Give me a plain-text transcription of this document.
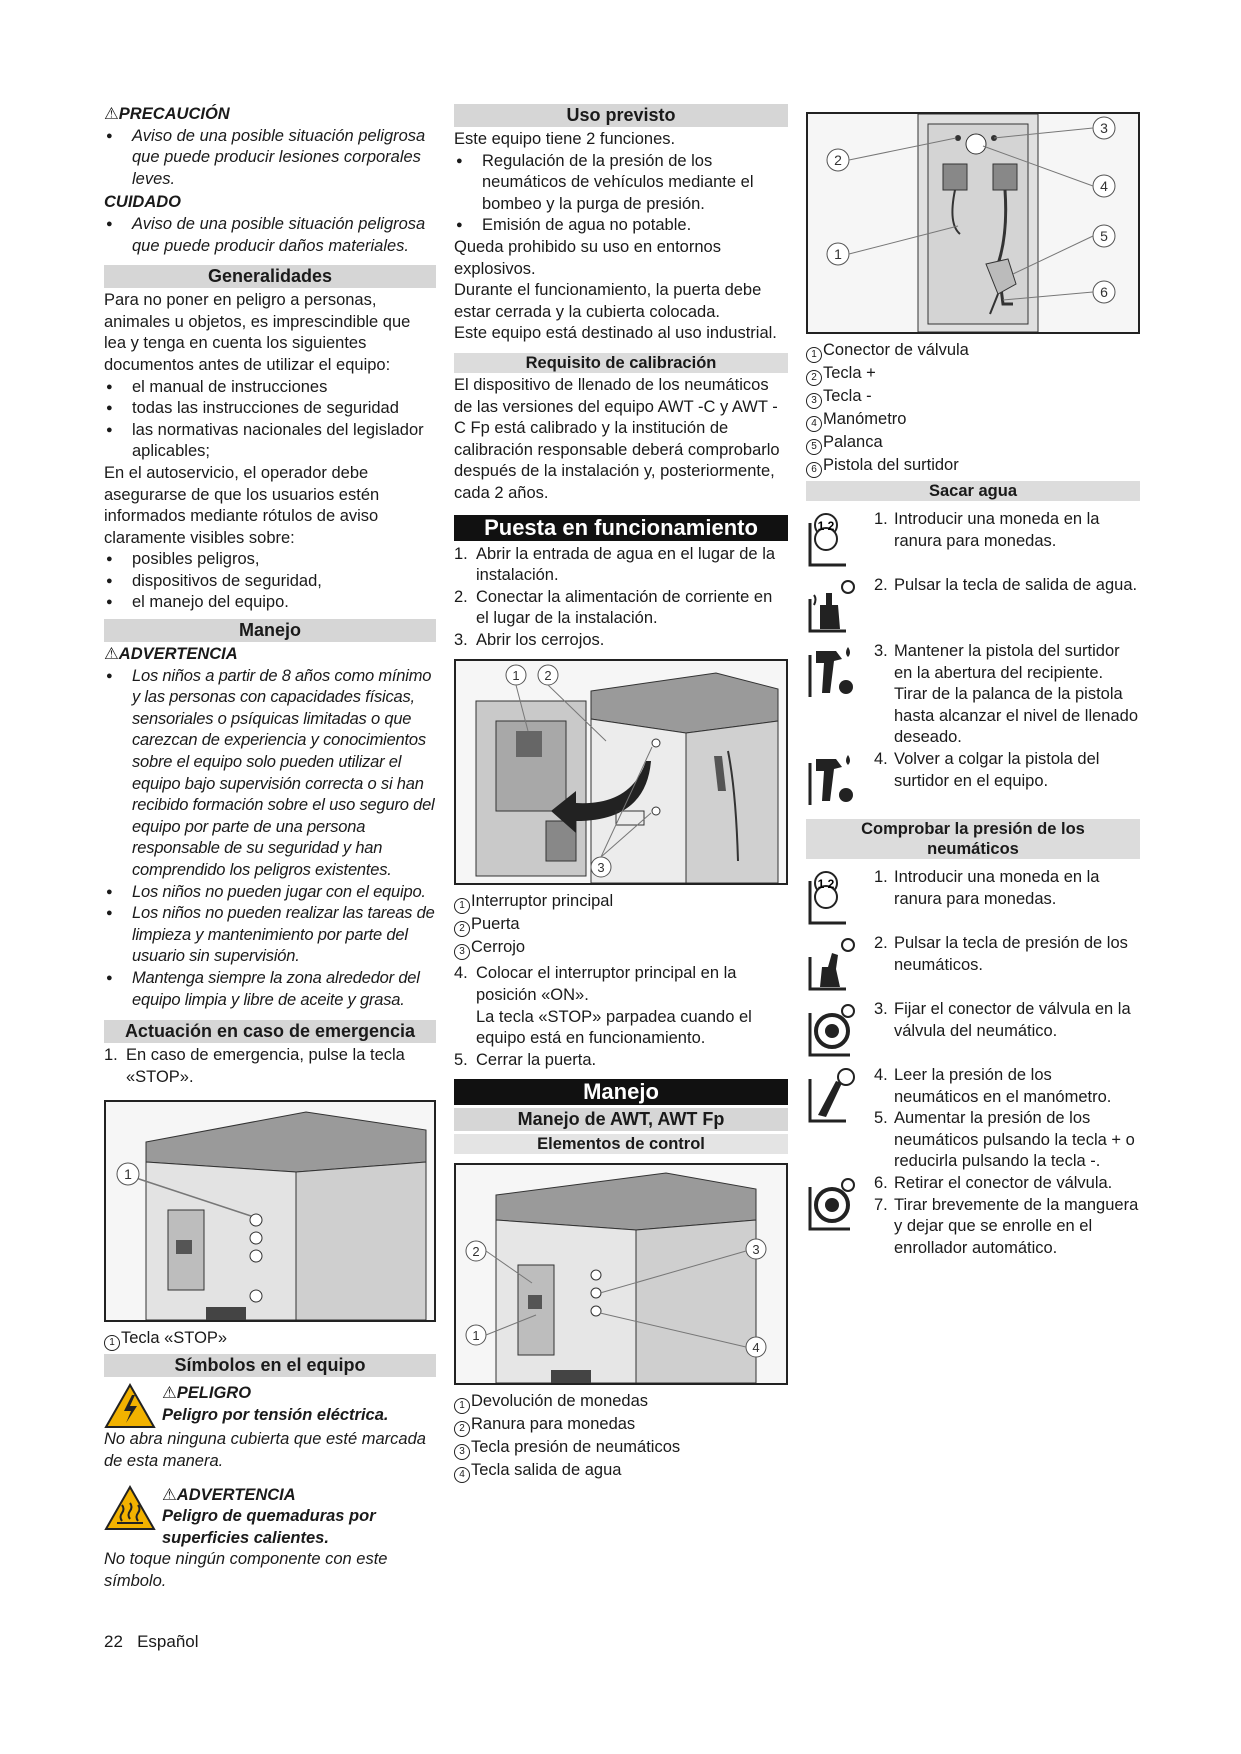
⚠PRECAUCIÓN

● Aviso de una posible situación peligrosa que puede producir lesiones corporales leves.

CUIDADO

● Aviso de una posible situación peligrosa que puede producir daños materiales.
Generalidades

Para no poner en peligro a personas, animales u objetos, es imprescindible que lea y tenga en cuenta los siguientes documentos antes de utilizar el equipo:

● el manual de instrucciones
● todas las instrucciones de seguridad
● las normativas nacionales del legislador aplicables;

En el autoservicio, el operador debe asegurarse de que los usuarios estén informados mediante rótulos de aviso claramente visibles sobre:

● posibles peligros,
● dispositivos de seguridad,
● el manejo del equipo.
Manejo

⚠ADVERTENCIA

● Los niños a partir de 8 años como mínimo y las personas con capacidades físicas, sensoriales o psíquicas limitadas o que carezcan de experiencia y conocimientos sobre el equipo solo pueden utilizar el equipo bajo supervisión correcta o si han recibido formación sobre el uso seguro del equipo por parte de una persona responsable de su seguridad y han comprendido los peligros existentes.
● Los niños no pueden jugar con el equipo.
● Los niños no pueden realizar las tareas de limpieza y mantenimiento por parte del usuario sin supervisión.
● Mantenga siempre la zona alrededor del equipo limpia y libre de aceite y grasa.
Actuación en caso de emergencia
1. En caso de emergencia, pulse la tecla «STOP».
1

1 Tecla «STOP»

Símbolos en el equipo

⚠PELIGRO

Peligro por tensión eléctrica.

No abra ninguna cubierta que esté marcada de esta manera.

⚠ADVERTENCIA

Peligro de quemaduras por superficies calientes.

No toque ningún componente con este símbolo.

Uso previsto

Este equipo tiene 2 funciones.

● Regulación de la presión de los neumáticos de vehículos mediante el bombeo y la purga de presión.
● Emisión de agua no potable.

Queda prohibido su uso en entornos explosivos.

Durante el funcionamiento, la puerta debe estar cerrada y la cubierta colocada.

Este equipo está destinado al uso industrial.

Requisito de calibración

El dispositivo de llenado de los neumáticos de las versiones del equipo AWT -C y AWT -C Fp está calibrado y la institución de calibración responsable deberá comprobarlo después de la instalación y, posteriormente, cada 2 años.

Puesta en funcionamiento
1. Abrir la entrada de agua en el lugar de la instalación.
2. Conectar la alimentación de corriente en el lugar de la instalación.
3. Abrir los cerrojos.
1 2
3

1 Interruptor principal

2 Puerta

3 Cerrojo

4. Colocar el interruptor principal en la posición «ON».
La tecla «STOP» parpadea cuando el equipo está en funcionamiento.
5. Cerrar la puerta.
Manejo
Manejo de AWT, AWT Fp
Elementos de control
2	3
1
4

1 Devolución de monedas

2 Ranura para monedas

3 Tecla presión de neumáticos

4 Tecla salida de agua

2
1
3
4
5
6

1 Conector de válvula

2 Tecla +

3 Tecla -

4 Manómetro

5 Palanca

6 Pistola del surtidor

Sacar agua
1 2 1. Introducir una moneda en la ranura para monedas.
2. Pulsar la tecla de salida de agua.
3. Mantener la pistola del surtidor en la abertura del recipiente.
Tirar de la palanca de la pistola hasta alcanzar el nivel de llenado deseado.
4. Volver a colgar la pistola del surtidor en el equipo.
Comprobar la presión de los neumáticos
1 2 1. Introducir una moneda en la ranura para monedas.
2. Pulsar la tecla de presión de los neumáticos.
3. Fijar el conector de válvula en la válvula del neumático.
4. Leer la presión de los neumáticos en el manómetro.
5. Aumentar la presión de los neumáticos pulsando la tecla + o reducirla pulsando la tecla -.
6. Retirar el conector de válvula.
7. Tirar brevemente de la manguera y dejar que se enrolle en el enrollador automático.
22 Español
